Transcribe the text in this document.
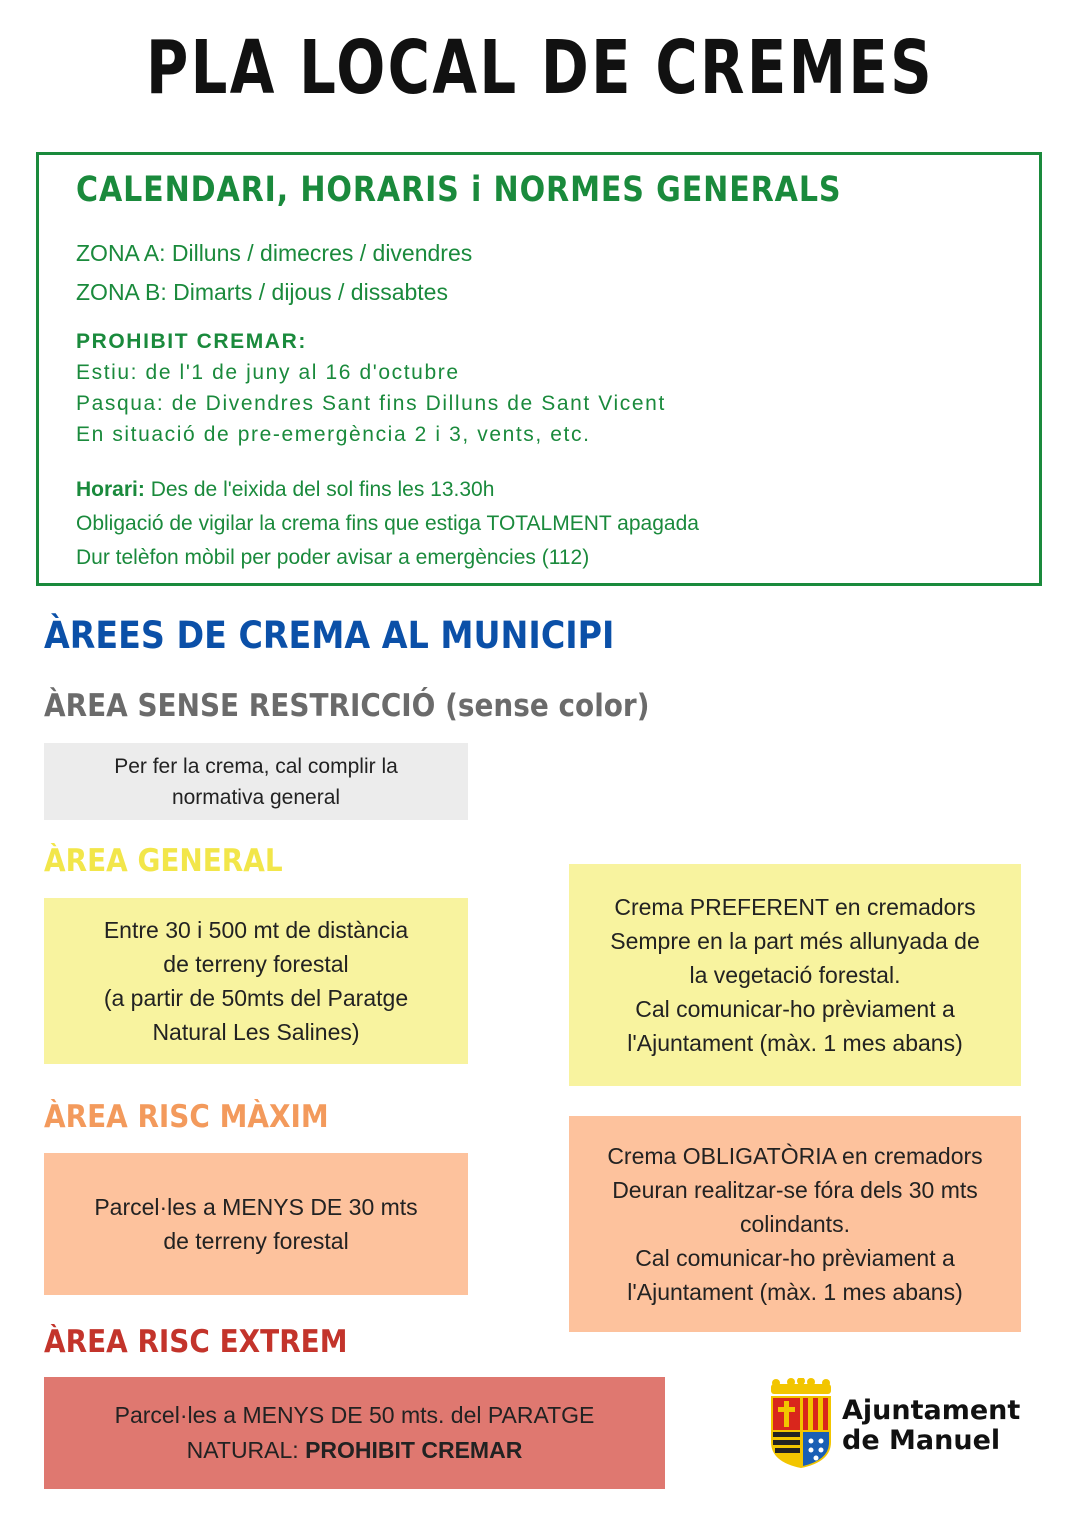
PLA LOCAL DE CREMES
CALENDARI, HORARIS i NORMES GENERALS
ZONA A: Dilluns / dimecres / divendres
ZONA B: Dimarts / dijous / dissabtes
PROHIBIT CREMAR:
Estiu: de l'1 de juny al 16 d'octubre
Pasqua: de Divendres Sant fins Dilluns de Sant Vicent
En situació de pre-emergència 2 i 3, vents, etc.
Horari: Des de l'eixida del sol fins les 13.30h
Obligació de vigilar la crema fins que estiga TOTALMENT apagada
Dur telèfon mòbil per poder avisar a emergències (112)
ÀREES DE CREMA AL MUNICIPI
ÀREA SENSE RESTRICCIÓ (sense color)
Per fer la crema, cal complir la
normativa general
ÀREA GENERAL
Entre 30 i 500 mt de distància
de terreny forestal
(a partir de 50mts del Paratge
Natural Les Salines)
Crema PREFERENT en cremadors
Sempre en la part més allunyada de
la vegetació forestal.
Cal comunicar-ho prèviament a
l'Ajuntament (màx. 1 mes abans)
ÀREA RISC MÀXIM
Parcel·les a MENYS DE 30 mts
de terreny forestal
Crema OBLIGATÒRIA en cremadors
Deuran realitzar-se fóra dels 30 mts
colindants.
Cal comunicar-ho prèviament a
l'Ajuntament (màx. 1 mes abans)
ÀREA RISC EXTREM
Parcel·les a MENYS DE 50 mts. del PARATGE
NATURAL: PROHIBIT CREMAR
Ajuntament
de Manuel
